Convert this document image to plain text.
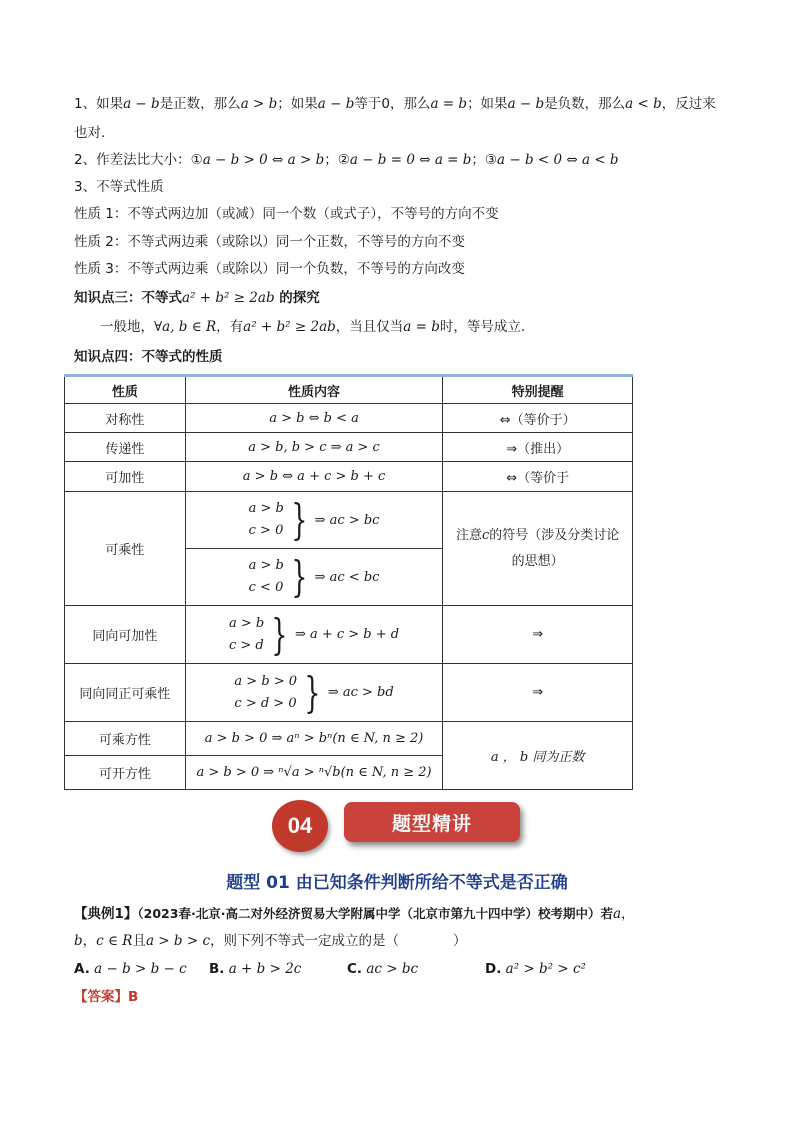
1、如果a − b是正数，那么a > b；如果a − b等于0，那么a = b；如果a − b是负数，那么a < b，反过来
也对.
2、作差法比大小：①a − b > 0 ⇔ a > b；②a − b = 0 ⇔ a = b；③a − b < 0 ⇔ a < b
3、不等式性质
性质 1：不等式两边加（或减）同一个数（或式子），不等号的方向不变
性质 2：不等式两边乘（或除以）同一个正数，不等号的方向不变
性质 3：不等式两边乘（或除以）同一个负数，不等号的方向改变
知识点三：不等式a² + b² ≥ 2ab 的探究
一般地，∀a, b ∈ R，有a² + b² ≥ 2ab，当且仅当a = b时，等号成立.
知识点四：不等式的性质
性质	性质内容	特别提醒
对称性	a > b ⇔ b < a	⇔（等价于）
传递性	a > b, b > c ⇒ a > c	⇒（推出）
可加性	a > b ⇔ a + c > b + c	⇔（等价于
可乘性	a > b
c > 0 } ⇒ ac > bc	注意c的符号（涉及分类讨论
的思想）

	a > b
c < 0 } ⇒ ac < bc	

同向可加性	a > b
c > d } ⇒ a + c > b + d	⇒
同向同正可乘性	a > b > 0
c > d > 0 } ⇒ ac > bd	⇒
可乘方性	a > b > 0 ⇒ aⁿ > bⁿ(n ∈ N, n ≥ 2)	a ， b 同为正数
可开方性	a > b > 0 ⇒ ⁿ√a > ⁿ√b(n ∈ N, n ≥ 2)	
04	题型精讲
题型 01 由已知条件判断所给不等式是否正确
【典例1】（2023春·北京·高二对外经济贸易大学附属中学（北京市第九十四中学）校考期中）若a，
b，c ∈ R且a > b > c，则下列不等式一定成立的是（　　　　）
A. a − b > b − c B. a + b > 2c	C. ac > bc	D. a² > b² > c²
【答案】B
